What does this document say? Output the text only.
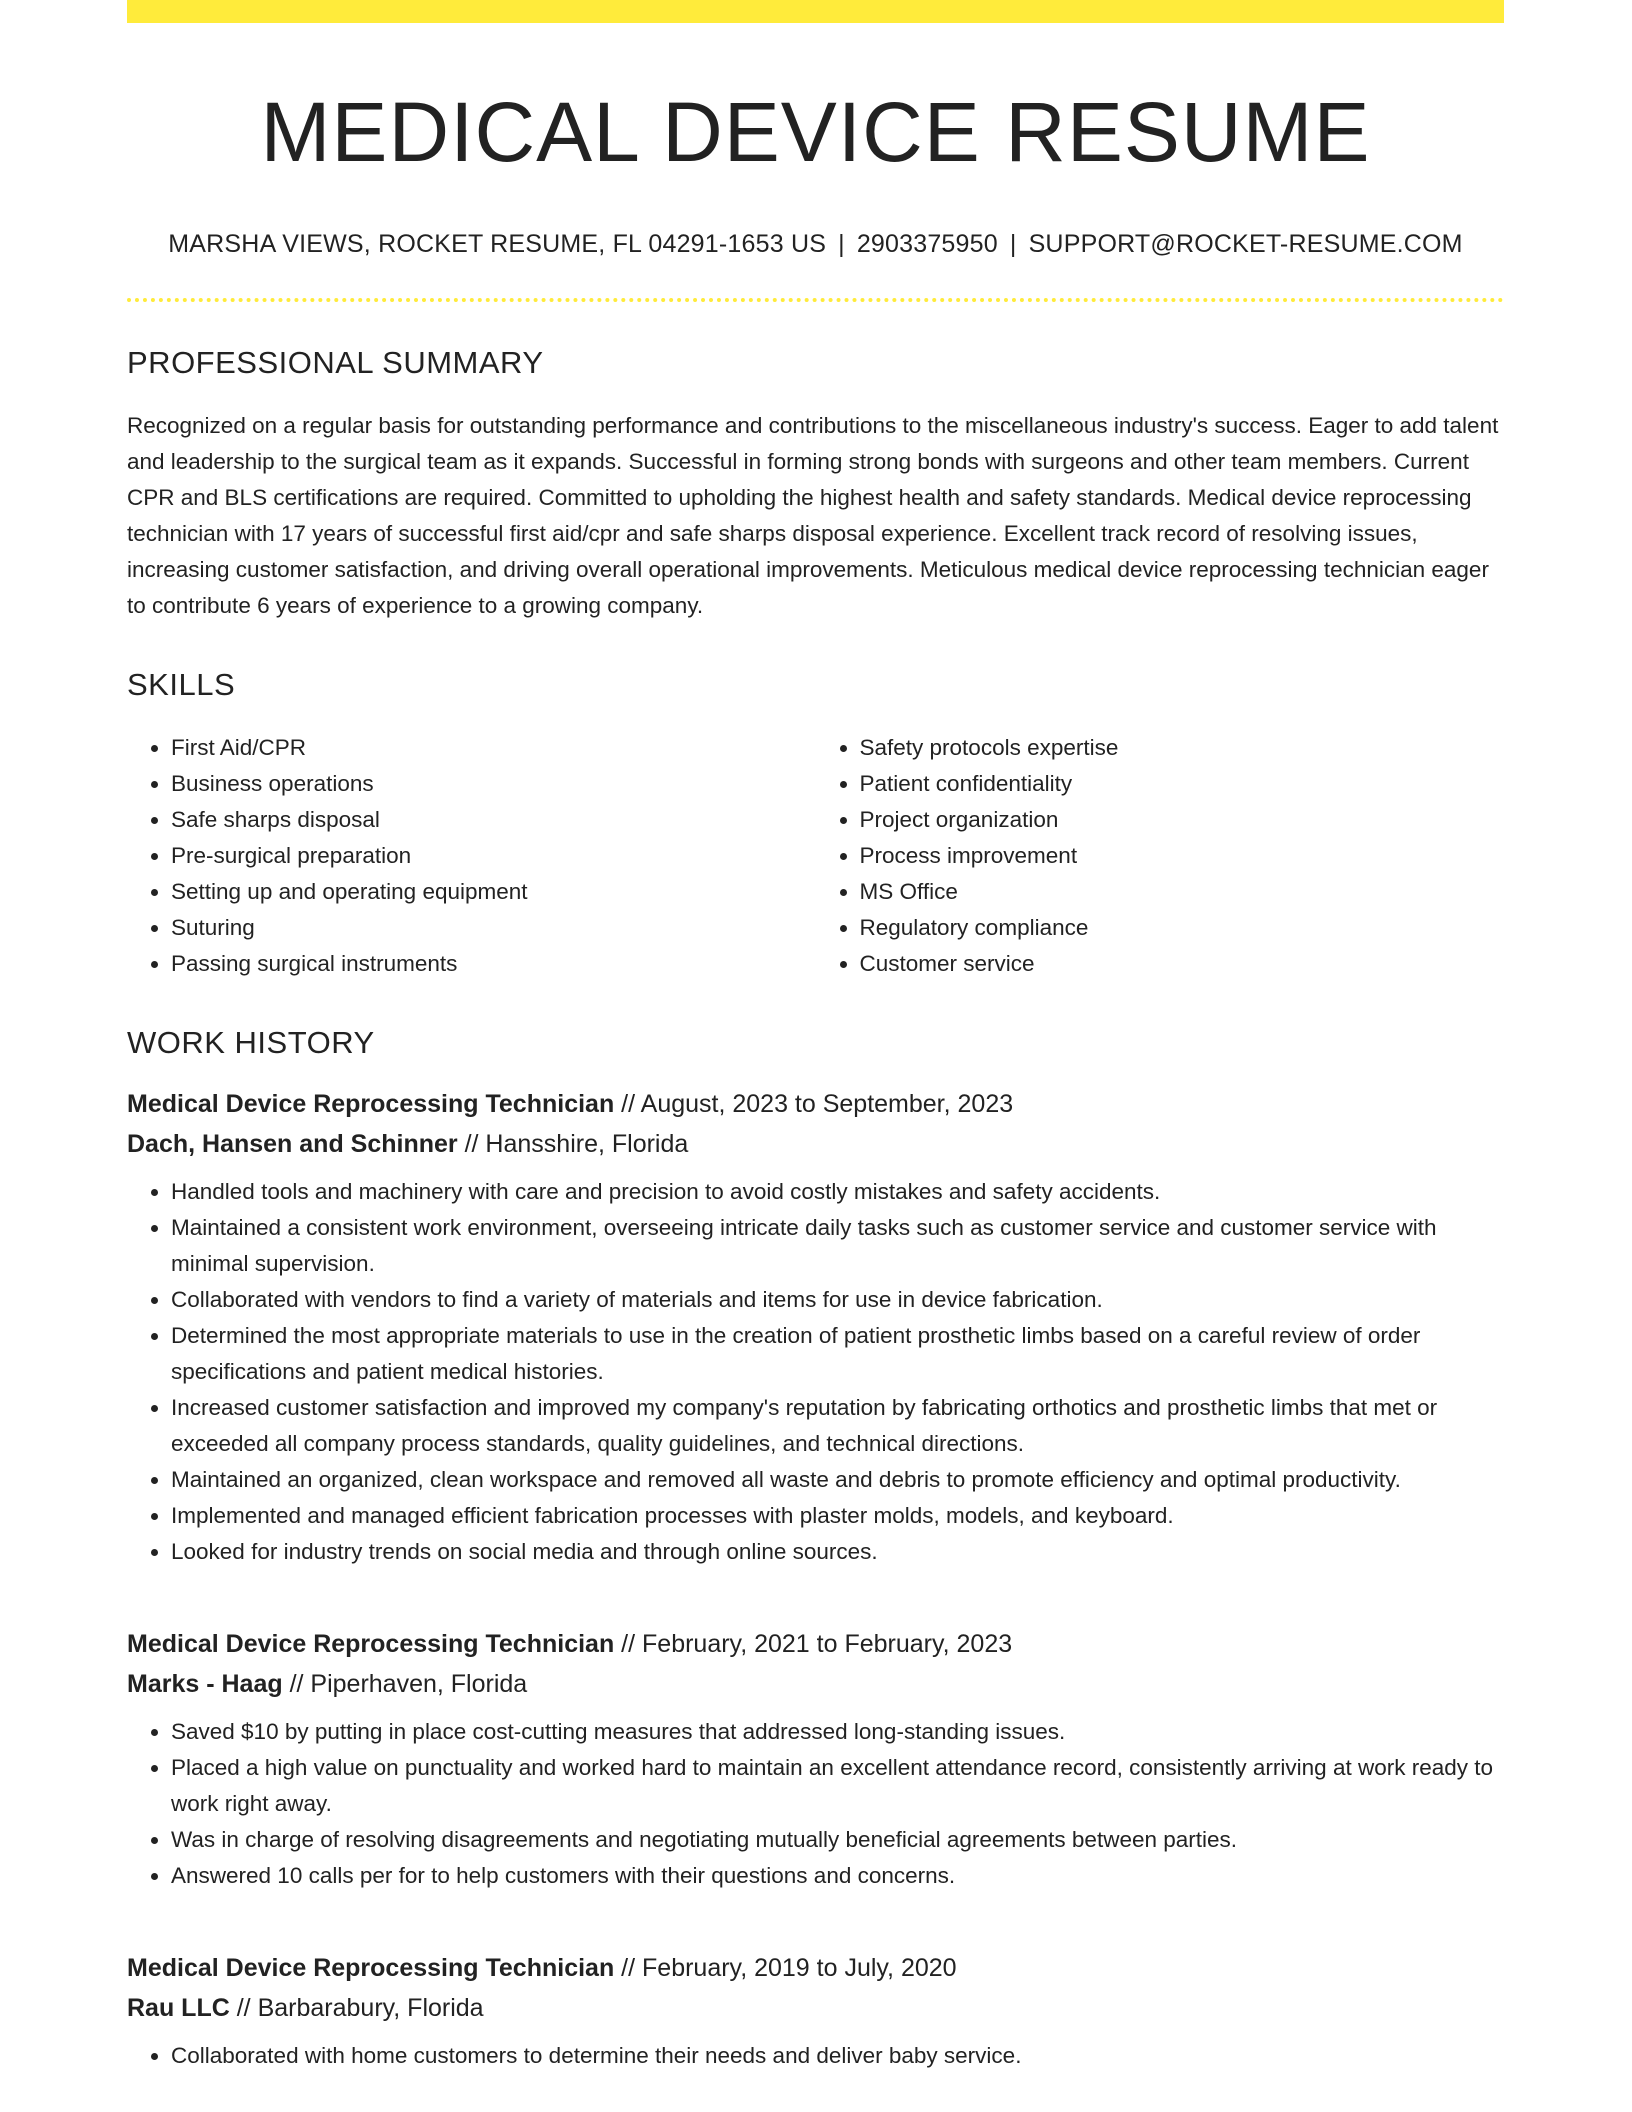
MEDICAL DEVICE RESUME
MARSHA VIEWS, ROCKET RESUME, FL 04291-1653 US | 2903375950 | SUPPORT@ROCKET-RESUME.COM
PROFESSIONAL SUMMARY

Recognized on a regular basis for outstanding performance and contributions to the miscellaneous industry's success. Eager to add talent and leadership to the surgical team as it expands. Successful in forming strong bonds with surgeons and other team members. Current CPR and BLS certifications are required. Committed to upholding the highest health and safety standards. Medical device reprocessing technician with 17 years of successful first aid/cpr and safe sharps disposal experience. Excellent track record of resolving issues, increasing customer satisfaction, and driving overall operational improvements. Meticulous medical device reprocessing technician eager to contribute 6 years of experience to a growing company.

SKILLS
• First Aid/CPR
• Business operations
• Safe sharps disposal
• Pre-surgical preparation
• Setting up and operating equipment
• Suturing
• Passing surgical instruments
• Safety protocols expertise
• Patient confidentiality
• Project organization
• Process improvement
• MS Office
• Regulatory compliance
• Customer service
WORK HISTORY
Medical Device Reprocessing Technician // August, 2023 to September, 2023
Dach, Hansen and Schinner // Hansshire, Florida
• Handled tools and machinery with care and precision to avoid costly mistakes and safety accidents.
• Maintained a consistent work environment, overseeing intricate daily tasks such as customer service and customer service with minimal supervision.
• Collaborated with vendors to find a variety of materials and items for use in device fabrication.
• Determined the most appropriate materials to use in the creation of patient prosthetic limbs based on a careful review of order specifications and patient medical histories.
• Increased customer satisfaction and improved my company's reputation by fabricating orthotics and prosthetic limbs that met or exceeded all company process standards, quality guidelines, and technical directions.
• Maintained an organized, clean workspace and removed all waste and debris to promote efficiency and optimal productivity.
• Implemented and managed efficient fabrication processes with plaster molds, models, and keyboard.
• Looked for industry trends on social media and through online sources.
Medical Device Reprocessing Technician // February, 2021 to February, 2023
Marks - Haag // Piperhaven, Florida
• Saved $10 by putting in place cost-cutting measures that addressed long-standing issues.
• Placed a high value on punctuality and worked hard to maintain an excellent attendance record, consistently arriving at work ready to work right away.
• Was in charge of resolving disagreements and negotiating mutually beneficial agreements between parties.
• Answered 10 calls per for to help customers with their questions and concerns.
Medical Device Reprocessing Technician // February, 2019 to July, 2020
Rau LLC // Barbarabury, Florida
• Collaborated with home customers to determine their needs and deliver baby service.
